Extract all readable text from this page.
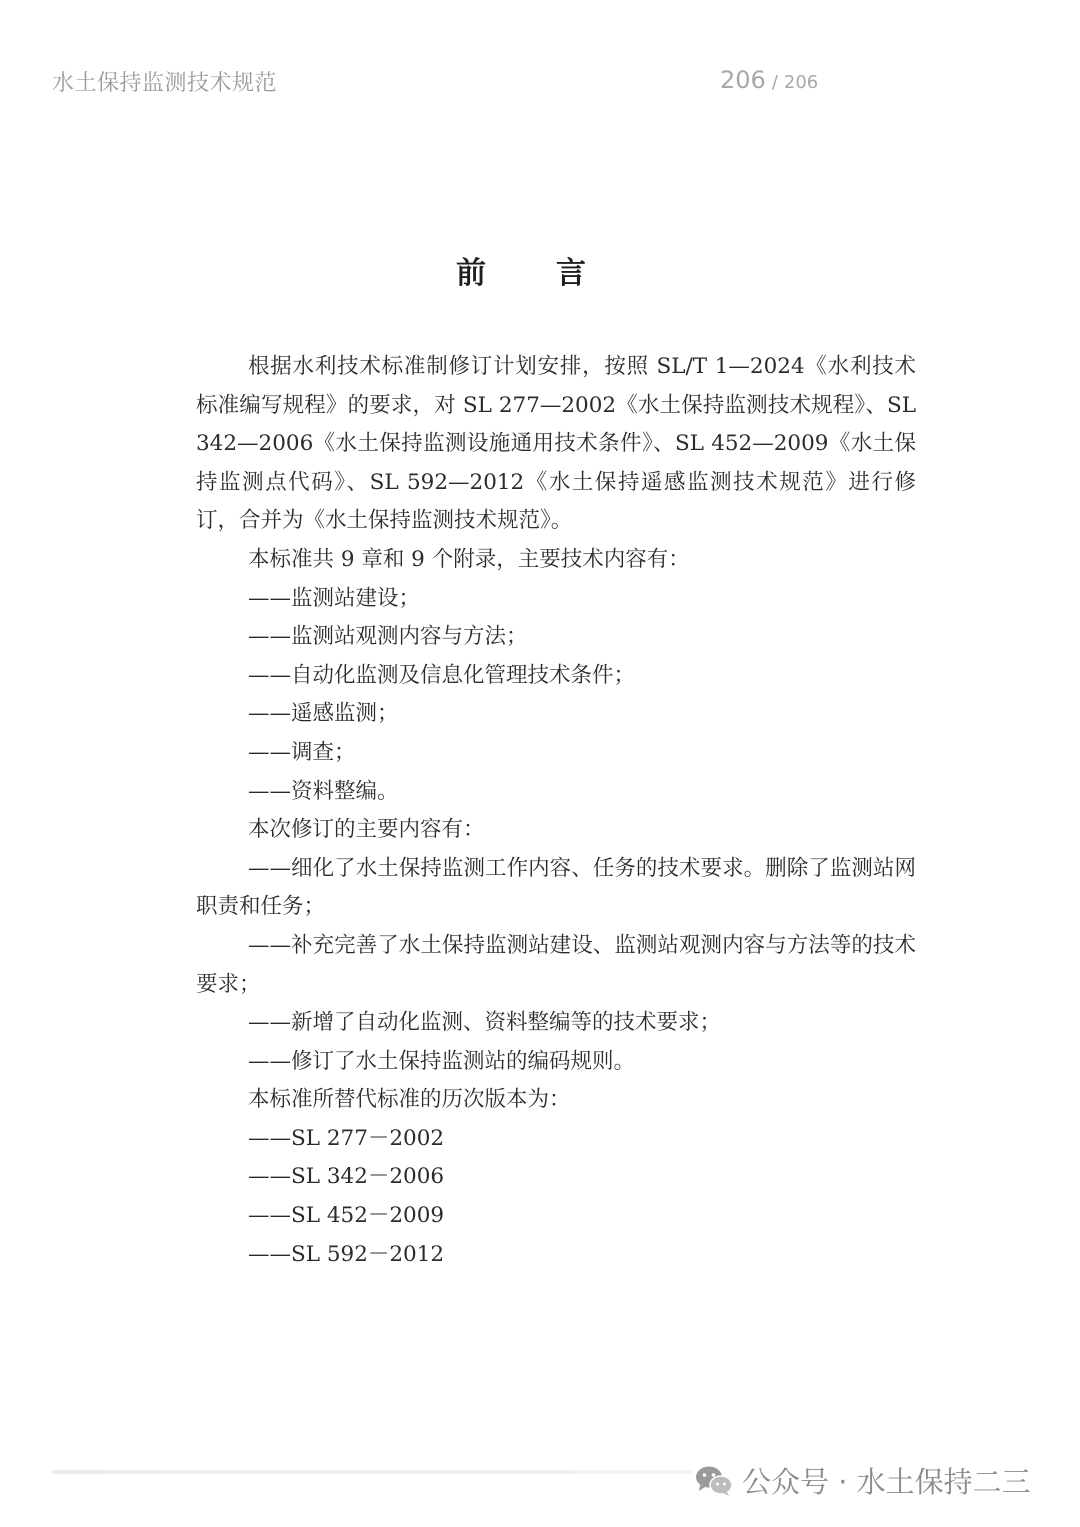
水土保持监测技术规范	206 / 206
前言

根据水利技术标准制修订计划安排，按照 SL/T 1—2024《水利技术标准编写规程》的要求，对 SL 277—2002《水土保持监测技术规程》、SL 342—2006《水土保持监测设施通用技术条件》、SL 452—2009《水土保持监测点代码》、SL 592—2012《水土保持遥感监测技术规范》进行修订，合并为《水土保持监测技术规范》。

本标准共 9 章和 9 个附录，主要技术内容有：

——监测站建设；

——监测站观测内容与方法；

——自动化监测及信息化管理技术条件；

——遥感监测；

——调查；

——资料整编。

本次修订的主要内容有：

——细化了水土保持监测工作内容、任务的技术要求。删除了监测站网职责和任务；

——补充完善了水土保持监测站建设、监测站观测内容与方法等的技术要求；

——新增了自动化监测、资料整编等的技术要求；

——修订了水土保持监测站的编码规则。

本标准所替代标准的历次版本为：

——SL 277－2002

——SL 342－2006

——SL 452－2009

——SL 592－2012

公众号 · 水土保持二三
